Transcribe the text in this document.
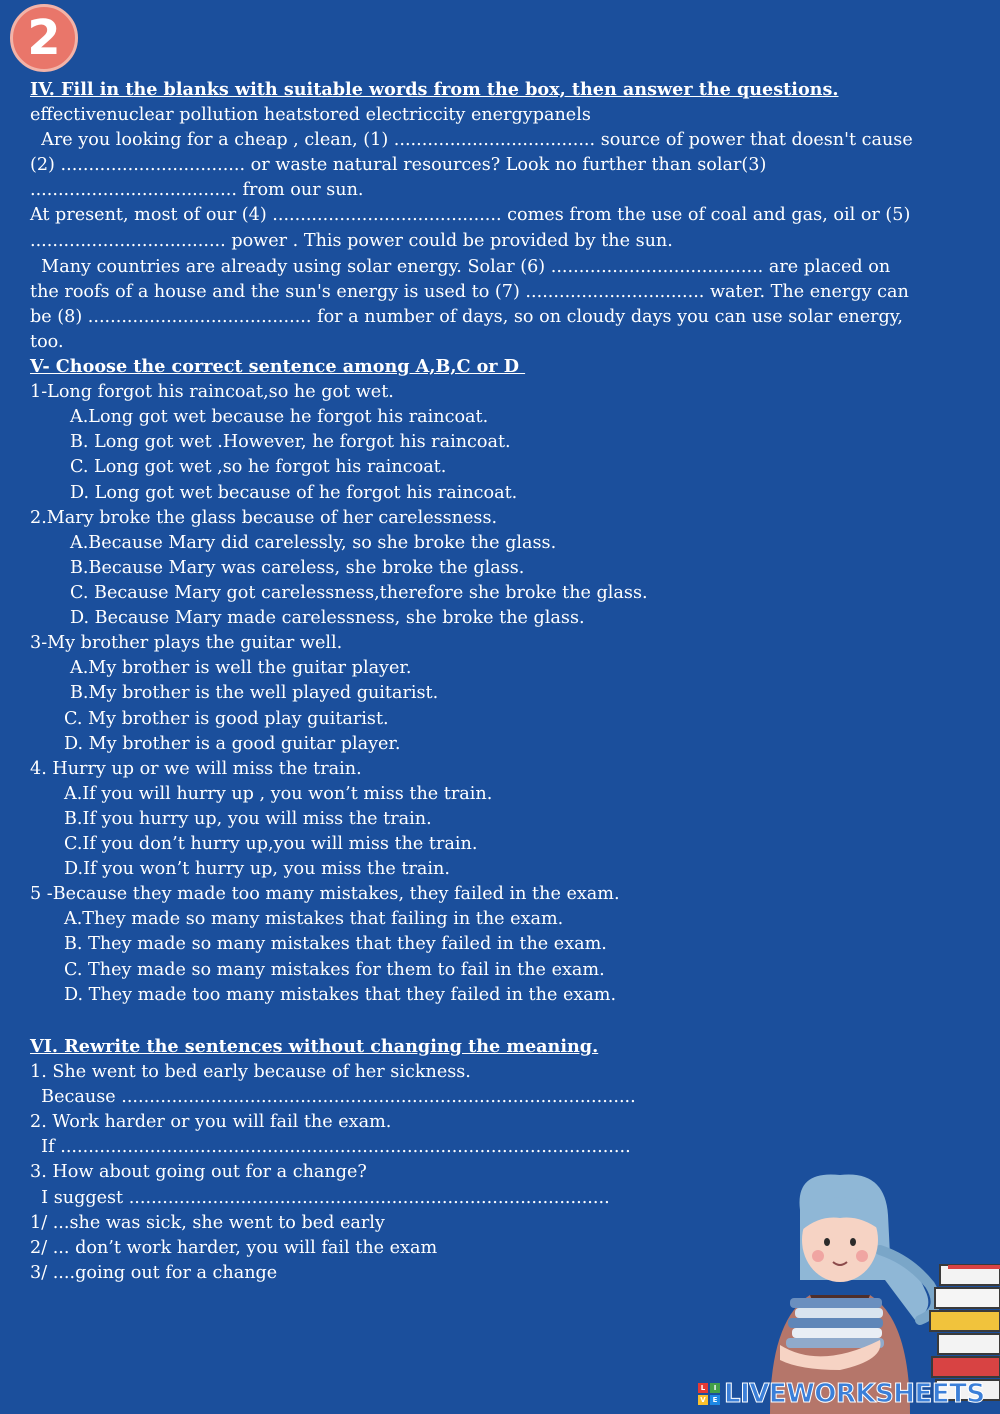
2
IV. Fill in the blanks with suitable words from the box, then answer the questions.
effectivenuclear pollution heatstored electriccity energypanels
Are you looking for a cheap , clean, (1) .................................... source of power that doesn't cause
(2) ................................. or waste natural resources? Look no further than solar(3)
..................................... from our sun.
At present, most of our (4) ......................................... comes from the use of coal and gas, oil or (5)
................................... power . This power could be provided by the sun.
Many countries are already using solar energy. Solar (6) ...................................... are placed on
the roofs of a house and the sun's energy is used to (7) ................................ water. The energy can
be (8) ........................................ for a number of days, so on cloudy days you can use solar energy,
too.
V- Choose the correct sentence among A,B,C or D
1-Long forgot his raincoat,so he got wet.
A.Long got wet because he forgot his raincoat.
B. Long got wet .However, he forgot his raincoat.
C. Long got wet ,so he forgot his raincoat.
D. Long got wet because of he forgot his raincoat.
2.Mary broke the glass because of her carelessness.
A.Because Mary did carelessly, so she broke the glass.
B.Because Mary was careless, she broke the glass.
C. Because Mary got carelessness,therefore she broke the glass.
D. Because Mary made carelessness, she broke the glass.
3-My brother plays the guitar well.
A.My brother is well the guitar player.
B.My brother is the well played guitarist.
C. My brother is good play guitarist.
D. My brother is a good guitar player.
4. Hurry up or we will miss the train.
A.If you will hurry up , you won’t miss the train.
B.If you hurry up, you will miss the train.
C.If you don’t hurry up,you will miss the train.
D.If you won’t hurry up, you miss the train.
5 -Because they made too many mistakes, they failed in the exam.
A.They made so many mistakes that failing in the exam.
B. They made so many mistakes that they failed in the exam.
C. They made so many mistakes for them to fail in the exam.
D. They made too many mistakes that they failed in the exam.
VI. Rewrite the sentences without changing the meaning.
1. She went to bed early because of her sickness.
Because ............................................................................................
2. Work harder or you will fail the exam.
If ......................................................................................................
3. How about going out for a change?
I suggest ......................................................................................
1/ ...she was sick, she went to bed early
2/ ... don’t work harder, you will fail the exam
3/ ....going out for a change
L	I
V E LIVEWORKSHEETS
